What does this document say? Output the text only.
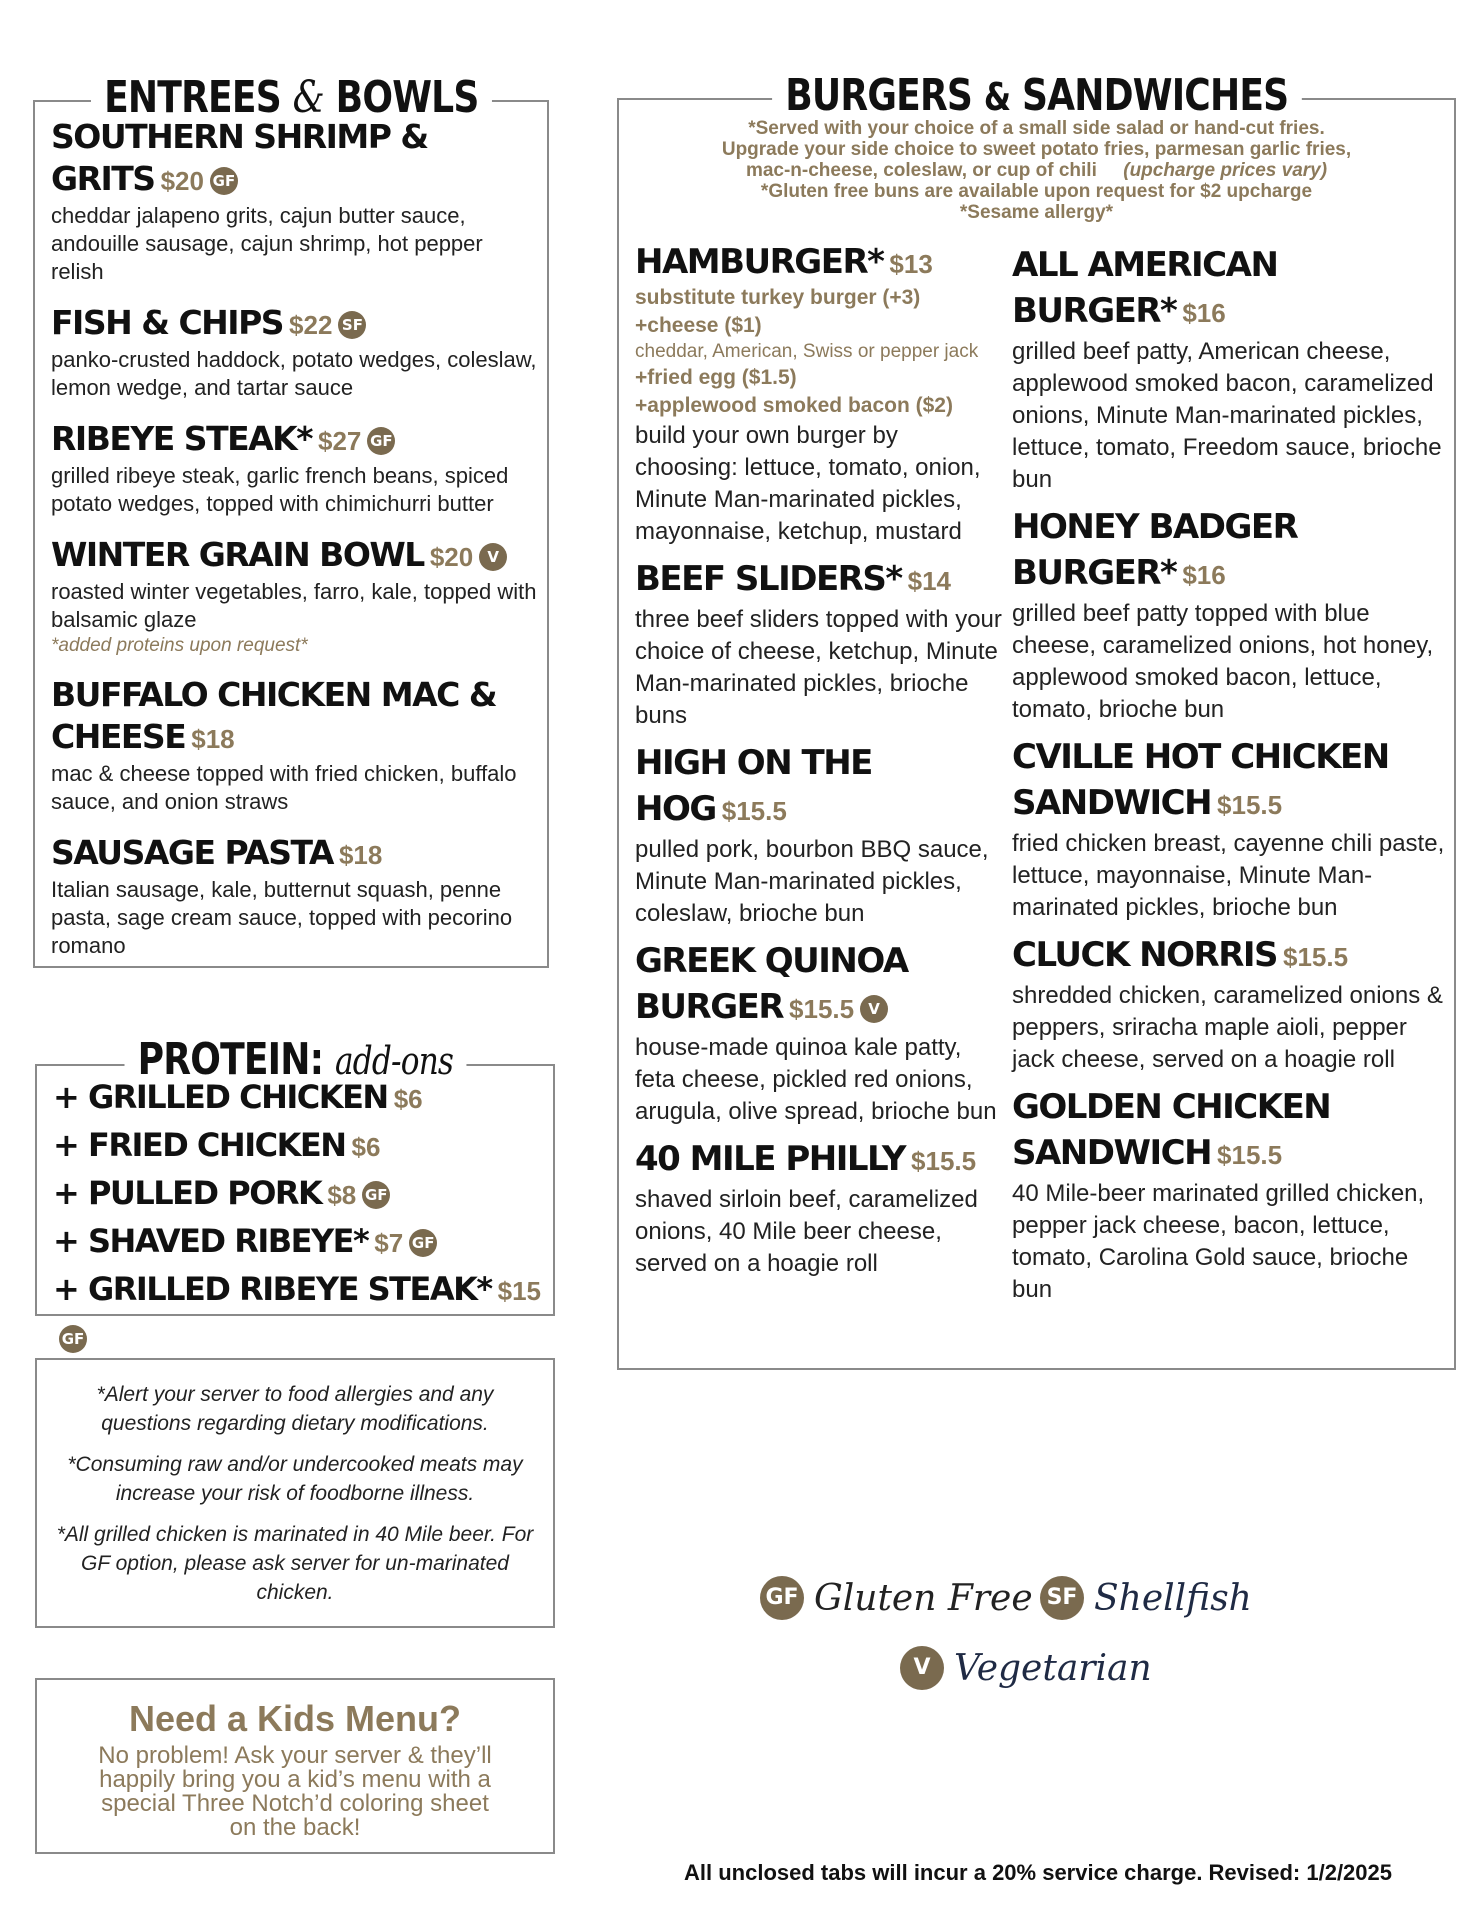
ENTREES & BOWLS
SOUTHERN SHRIMP & GRITS $20 GF
cheddar jalapeno grits, cajun butter sauce, andouille sausage, cajun shrimp, hot pepper relish
FISH & CHIPS $22 SF
panko-crusted haddock, potato wedges, coleslaw, lemon wedge, and tartar sauce
RIBEYE STEAK* $27 GF
grilled ribeye steak, garlic french beans, spiced potato wedges, topped with chimichurri butter
WINTER GRAIN BOWL $20 V
roasted winter vegetables, farro, kale, topped with balsamic glaze
*added proteins upon request*
BUFFALO CHICKEN MAC & CHEESE $18
mac & cheese topped with fried chicken, buffalo sauce, and onion straws
SAUSAGE PASTA $18
Italian sausage, kale, butternut squash, penne pasta, sage cream sauce, topped with pecorino romano
PROTEIN: add-ons
+ GRILLED CHICKEN $6
+ FRIED CHICKEN $6
+ PULLED PORK $8 GF
+ SHAVED RIBEYE* $7 GF
+ GRILLED RIBEYE STEAK* $15GF
*Alert your server to food allergies and any questions regarding dietary modifications.
*Consuming raw and/or undercooked meats may increase your risk of foodborne illness.
*All grilled chicken is marinated in 40 Mile beer. For GF option, please ask server for un-marinated chicken.
Need a Kids Menu?
No problem! Ask your server & they’ll happily bring you a kid’s menu with a special Three Notch’d coloring sheet on the back!
BURGERS & SANDWICHES
*Served with your choice of a small side salad or hand-cut fries.
Upgrade your side choice to sweet potato fries, parmesan garlic fries,
mac-n-cheese, coleslaw, or cup of chili (upcharge prices vary)
*Gluten free buns are available upon request for $2 upcharge
*Sesame allergy*
HAMBURGER* $13
substitute turkey burger (+3)
+cheese ($1)
cheddar, American, Swiss or pepper jack
+fried egg ($1.5)
+applewood smoked bacon ($2)
build your own burger by choosing: lettuce, tomato, onion, Minute Man-marinated pickles, mayonnaise, ketchup, mustard
BEEF SLIDERS* $14
three beef sliders topped with your choice of cheese, ketchup, Minute Man-marinated pickles, brioche buns
HIGH ON THE HOG $15.5
pulled pork, bourbon BBQ sauce, Minute Man-marinated pickles, coleslaw, brioche bun
GREEK QUINOA BURGER $15.5 V
house-made quinoa kale patty, feta cheese, pickled red onions, arugula, olive spread, brioche bun
40 MILE PHILLY $15.5
shaved sirloin beef, caramelized onions, 40 Mile beer cheese, served on a hoagie roll
ALL AMERICAN BURGER* $16
grilled beef patty, American cheese, applewood smoked bacon, caramelized onions, Minute Man-marinated pickles, lettuce, tomato, Freedom sauce, brioche bun
HONEY BADGER BURGER* $16
grilled beef patty topped with blue cheese, caramelized onions, hot honey, applewood smoked bacon, lettuce, tomato, brioche bun
CVILLE HOT CHICKEN SANDWICH $15.5
fried chicken breast, cayenne chili paste, lettuce, mayonnaise, Minute Man-marinated pickles, brioche bun
CLUCK NORRIS $15.5
shredded chicken, caramelized onions & peppers, sriracha maple aioli, pepper jack cheese, served on a hoagie roll
GOLDEN CHICKEN SANDWICH $15.5
40 Mile-beer marinated grilled chicken, pepper jack cheese, bacon, lettuce, tomato, Carolina Gold sauce, brioche bun
GF Gluten Free SF Shellfish
V Vegetarian
All unclosed tabs will incur a 20% service charge. Revised: 1/2/2025
